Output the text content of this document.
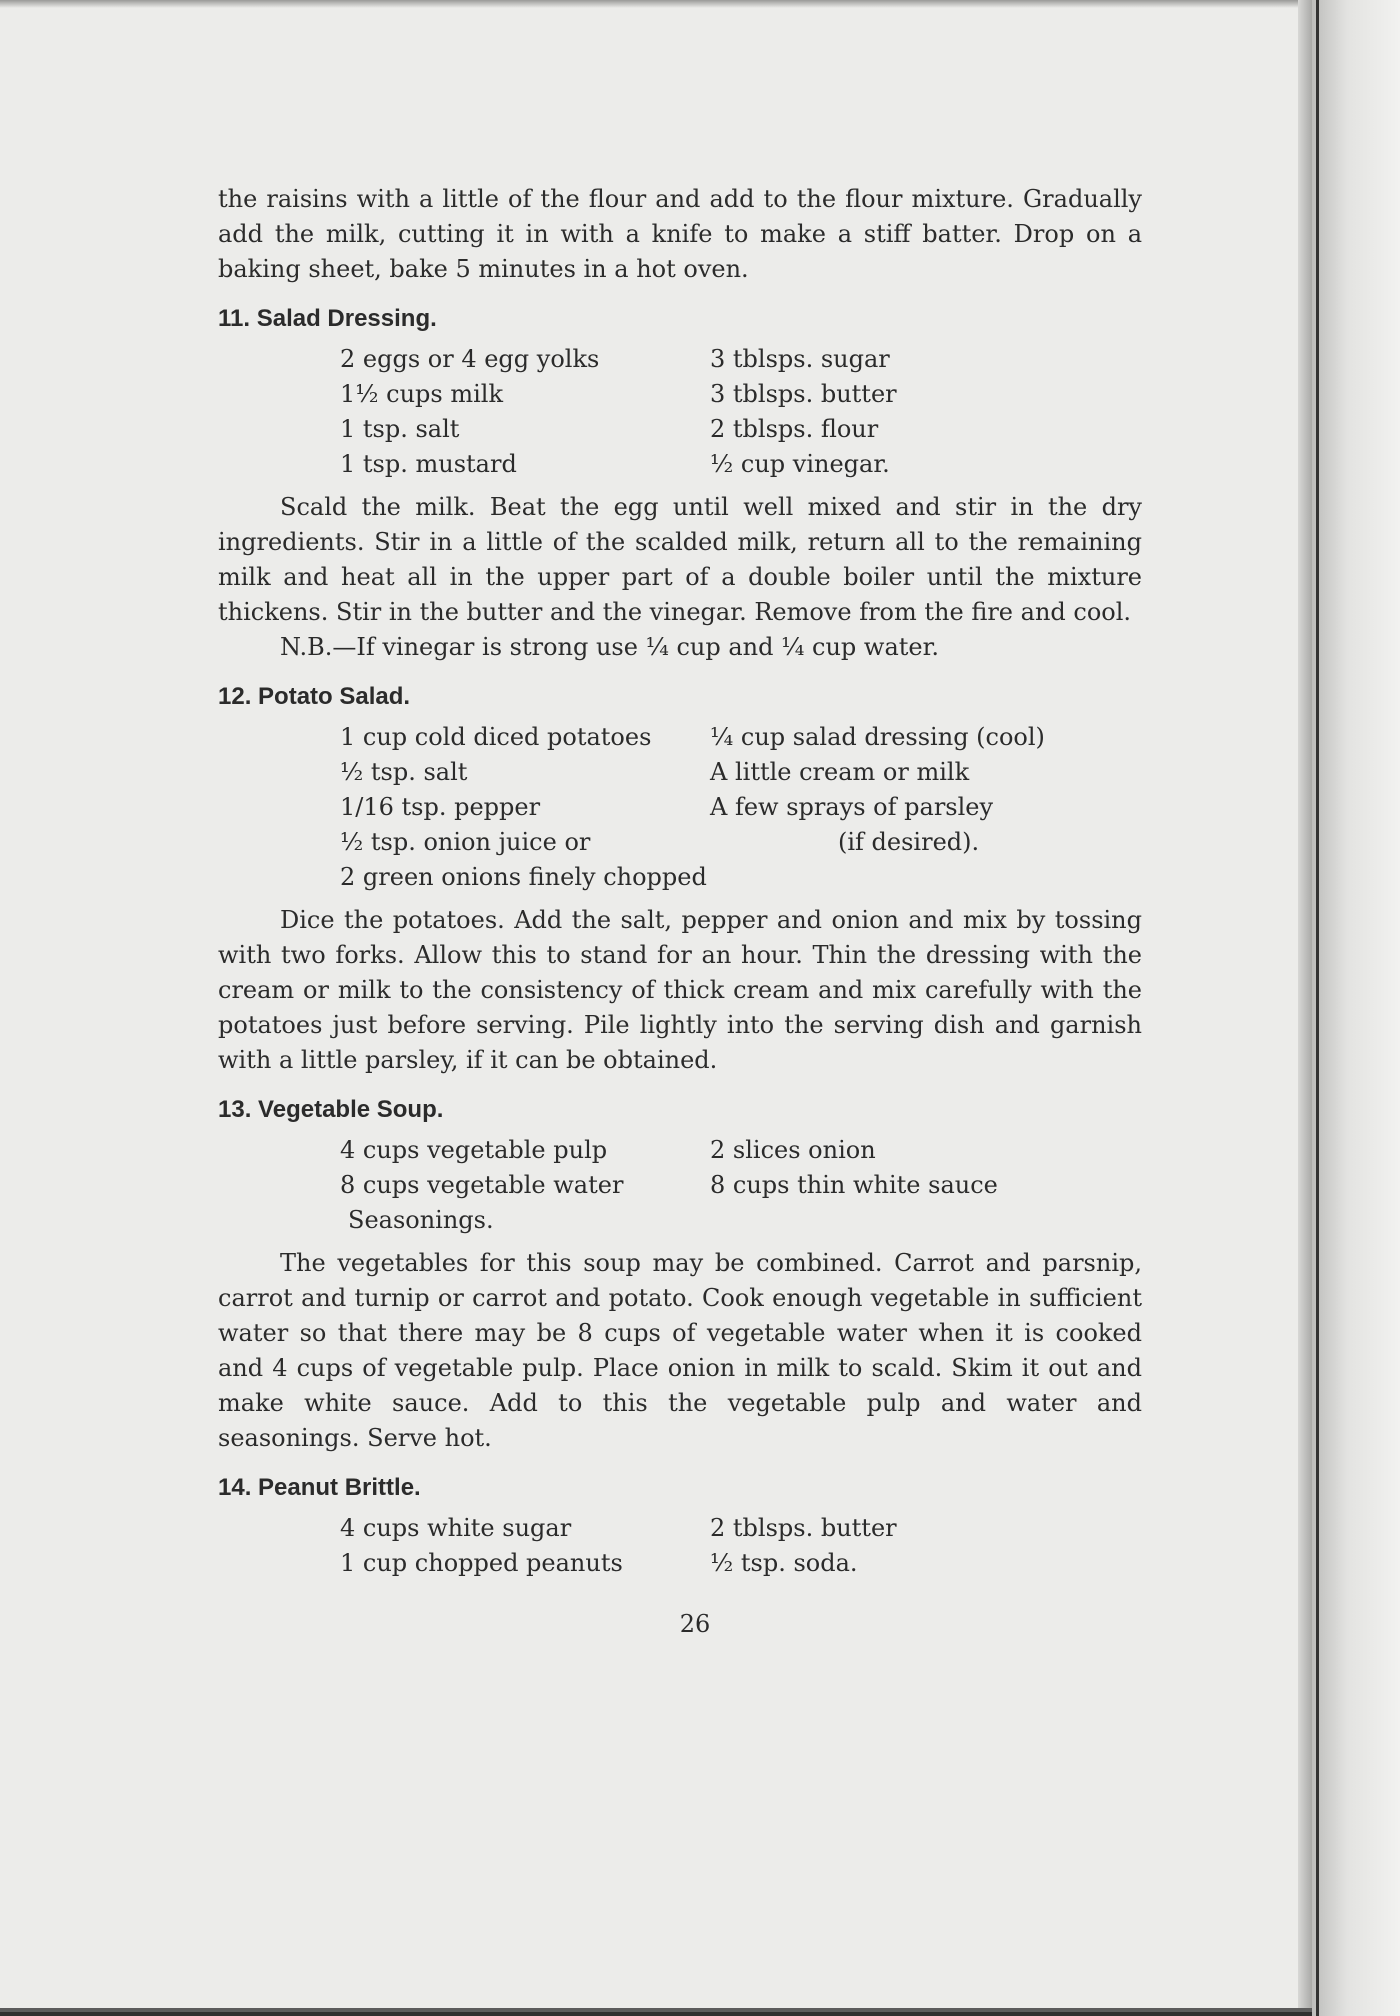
the raisins with a little of the flour and add to the flour mixture. Gradually add the milk, cutting it in with a knife to make a stiff batter. Drop on a baking sheet, bake 5 minutes in a hot oven.

11. Salad Dressing.
2 eggs or 4 egg yolks	3 tblsps. sugar
1½ cups milk	3 tblsps. butter
1 tsp. salt	2 tblsps. flour
1 tsp. mustard	½ cup vinegar.

Scald the milk. Beat the egg until well mixed and stir in the dry ingredients. Stir in a little of the scalded milk, return all to the remaining milk and heat all in the upper part of a double boiler until the mixture thickens. Stir in the butter and the vinegar. Remove from the fire and cool.

N.B.—If vinegar is strong use ¼ cup and ¼ cup water.

12. Potato Salad.
1 cup cold diced potatoes	¼ cup salad dressing (cool)
½ tsp. salt	A little cream or milk
1/16 tsp. pepper	A few sprays of parsley
½ tsp. onion juice or	(if desired).
2 green onions finely chopped

Dice the potatoes. Add the salt, pepper and onion and mix by tossing with two forks. Allow this to stand for an hour. Thin the dressing with the cream or milk to the consistency of thick cream and mix carefully with the potatoes just before serving. Pile lightly into the serving dish and garnish with a little parsley, if it can be obtained.

13. Vegetable Soup.
4 cups vegetable pulp	2 slices onion
8 cups vegetable water	8 cups thin white sauce
Seasonings.

The vegetables for this soup may be combined. Carrot and parsnip, carrot and turnip or carrot and potato. Cook enough vegetable in sufficient water so that there may be 8 cups of vegetable water when it is cooked and 4 cups of vegetable pulp. Place onion in milk to scald. Skim it out and make white sauce. Add to this the vegetable pulp and water and seasonings. Serve hot.

14. Peanut Brittle.
4 cups white sugar	2 tblsps. butter
1 cup chopped peanuts	½ tsp. soda.
26
